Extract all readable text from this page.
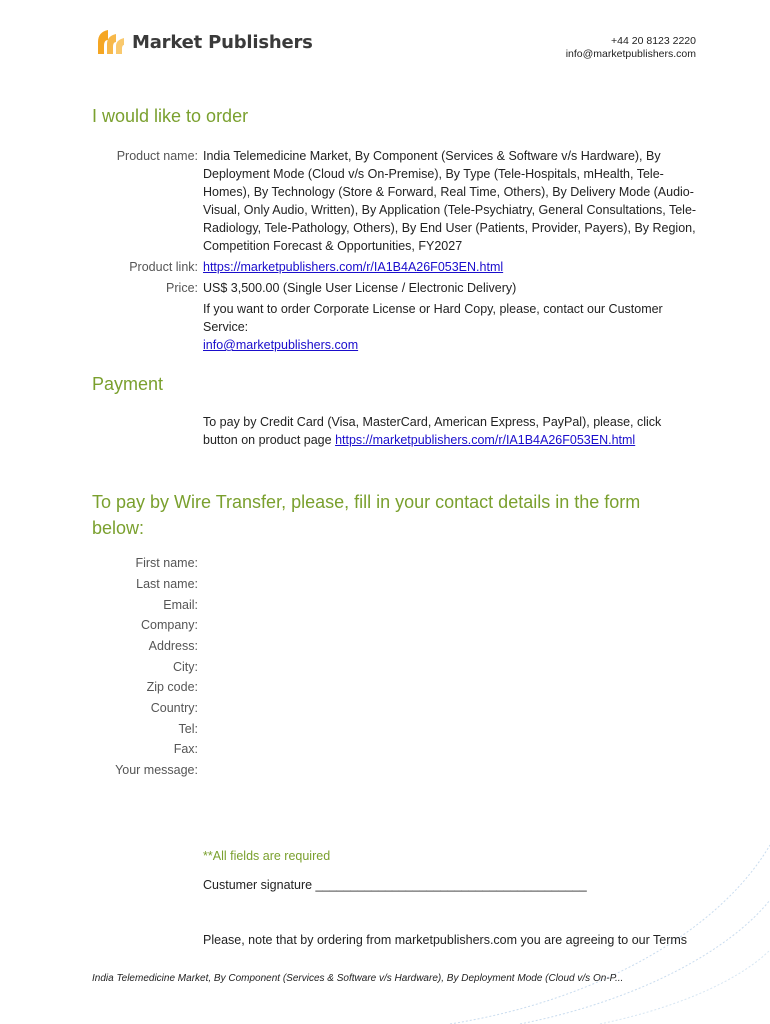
Market Publishers	+44 20 8123 2220
info@marketpublishers.com
I would like to order
Product name: India Telemedicine Market, By Component (Services & Software v/s Hardware), By
Deployment Mode (Cloud v/s On-Premise), By Type (Tele-Hospitals, mHealth, Tele-
Homes), By Technology (Store & Forward, Real Time, Others), By Delivery Mode (Audio-
Visual, Only Audio, Written), By Application (Tele-Psychiatry, General Consultations, Tele-
Radiology, Tele-Pathology, Others), By End User (Patients, Provider, Payers), By Region,
Competition Forecast & Opportunities, FY2027
Product link: https://marketpublishers.com/r/IA1B4A26F053EN.html
Price: US$ 3,500.00 (Single User License / Electronic Delivery)
If you want to order Corporate License or Hard Copy, please, contact our Customer
Service:
info@marketpublishers.com
Payment
To pay by Credit Card (Visa, MasterCard, American Express, PayPal), please, click
button on product page https://marketpublishers.com/r/IA1B4A26F053EN.html
To pay by Wire Transfer, please, fill in your contact details in the form
below:
First name:
Last name:
Email:
Company:
Address:
City:
Zip code:
Country:
Tel:
Fax:
Your message:
**All fields are required
Custumer signature _______________________________________
Please, note that by ordering from marketpublishers.com you are agreeing to our Terms
India Telemedicine Market, By Component (Services & Software v/s Hardware), By Deployment Mode (Cloud v/s On-P...
